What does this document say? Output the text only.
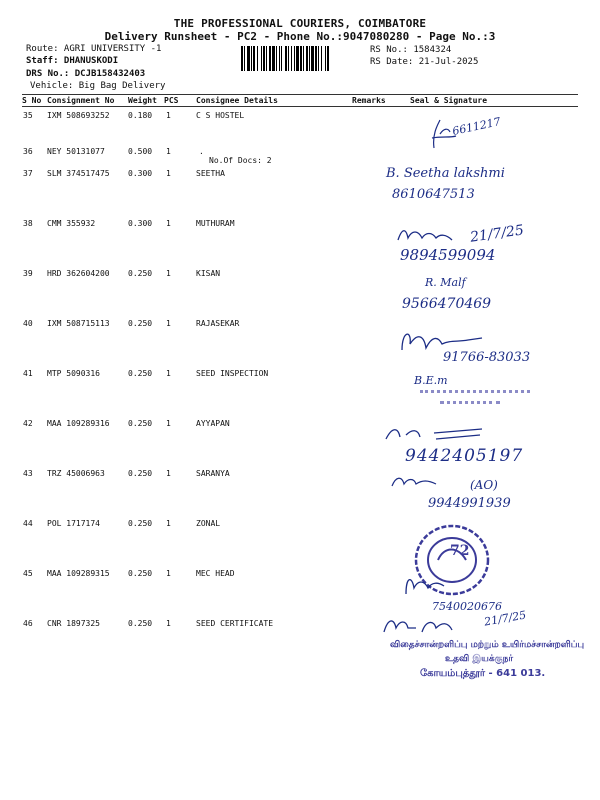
THE PROFESSIONAL COURIERS, COIMBATORE
Delivery Runsheet - PC2 - Phone No.:9047080280 - Page No.:3
Route: AGRI UNIVERSITY -1
Staff: DHANUSKODI
DRS No.: DCJB158432403
Vehicle: Big Bag Delivery
RS No.: 1584324
RS Date: 21-Jul-2025
S No Consignment No Weight PCS Consignee Details	Remarks	Seal & Signature
35 IXM 508693252 0.180 1	C S HOSTEL
36 NEY 50131077	0.500 1	.
No.Of Docs: 2
37 SLM 374517475 0.300 1	SEETHA
38 CMM 355932	0.300 1	MUTHURAM
39 HRD 362604200 0.250 1	KISAN
40 IXM 508715113 0.250 1	RAJASEKAR
41 MTP 5090316	0.250 1	SEED INSPECTION
42 MAA 109289316 0.250 1	AYYAPAN
43 TRZ 45006963	0.250 1	SARANYA
44 POL 1717174	0.250 1	ZONAL
45 MAA 109289315 0.250 1	MEC HEAD
46 CNR 1897325	0.250 1	SEED CERTIFICATE
6611217
B. Seetha lakshmi
8610647513
21/7/25
9894599094
R. Malf
9566470469
91766-83033
B.E.m
9442405197
(AO)
9944991939
72
7540020676
21/7/25
விதைச்சான்றளிப்பு மற்றும் உயிர்மச்சான்றளிப்பு
உதவி இயக்குநர்
கோயம்புத்தூர் - 641 013.
